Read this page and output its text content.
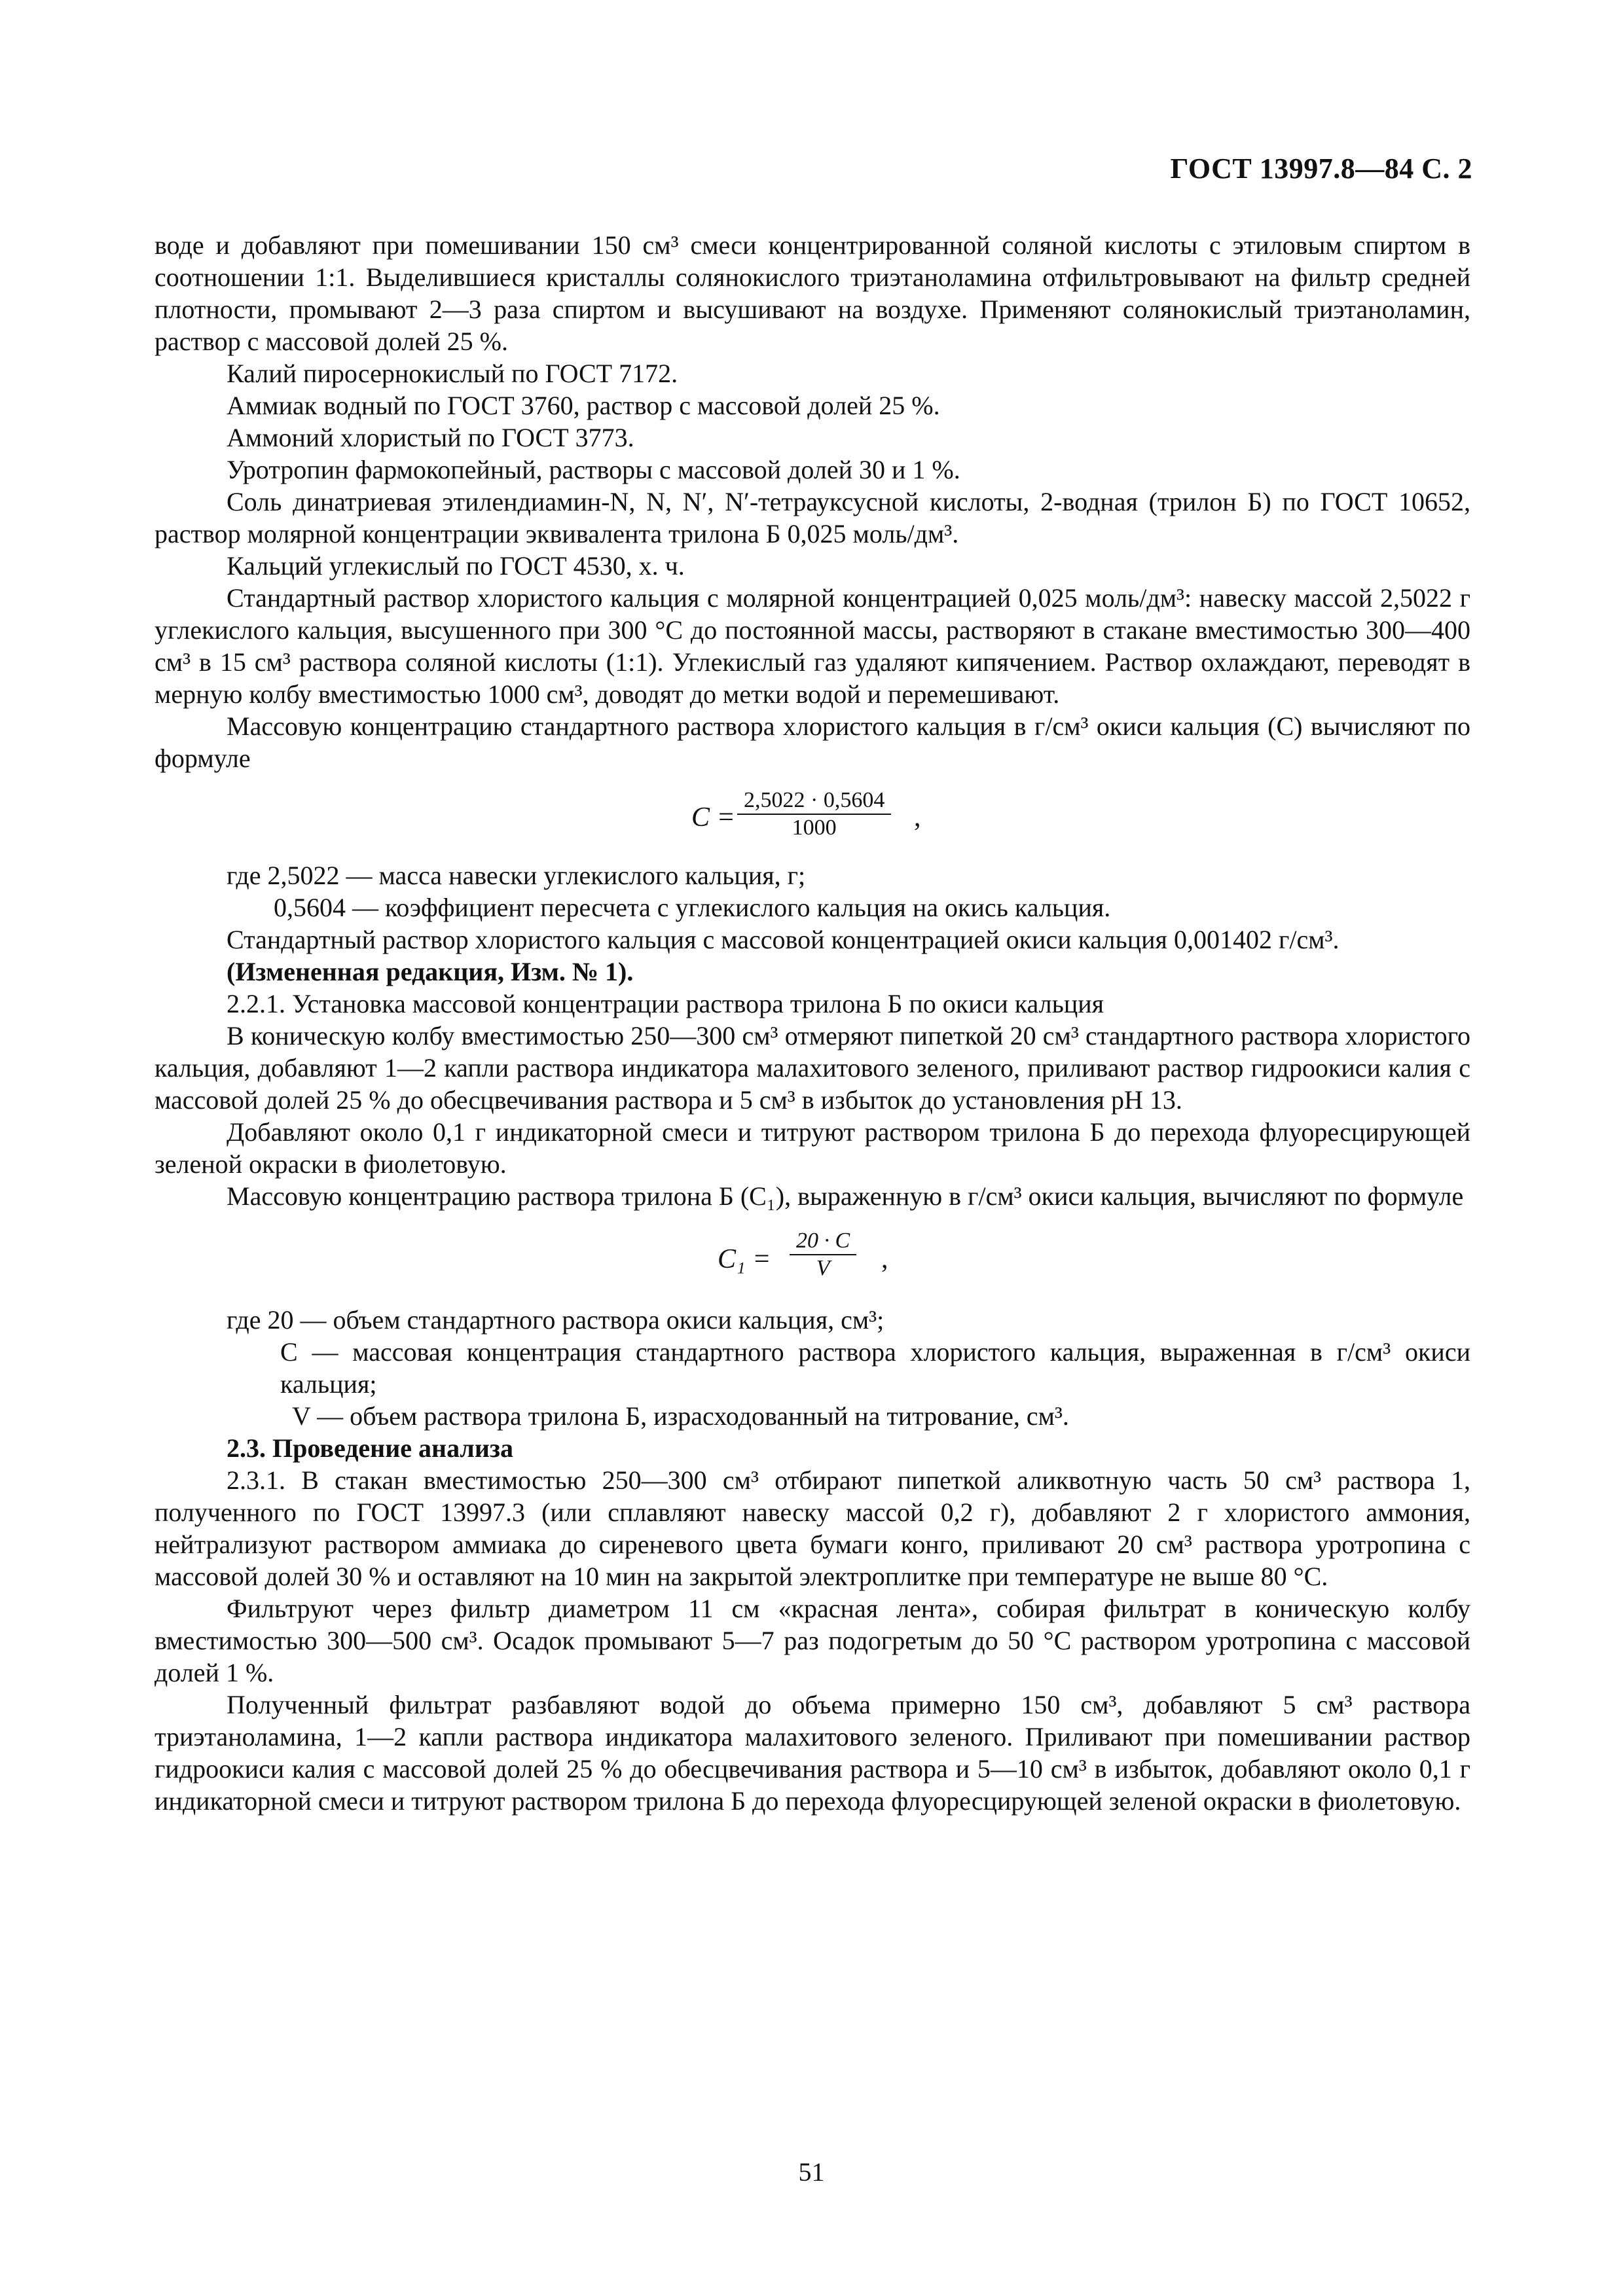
ГОСТ 13997.8—84 С. 2

воде и добавляют при помешивании 150 см³ смеси концентрированной соляной кислоты с этиловым спиртом в соотношении 1:1. Выделившиеся кристаллы солянокислого триэтаноламина отфильтровывают на фильтр средней плотности, промывают 2—3 раза спиртом и высушивают на воздухе. Применяют солянокислый триэтаноламин, раствор с массовой долей 25 %.

Калий пиросернокислый по ГОСТ 7172.

Аммиак водный по ГОСТ 3760, раствор с массовой долей 25 %.

Аммоний хлористый по ГОСТ 3773.

Уротропин фармокопейный, растворы с массовой долей 30 и 1 %.

Соль динатриевая этилендиамин-N, N, N′, N′-тетрауксусной кислоты, 2-водная (трилон Б) по ГОСТ 10652, раствор молярной концентрации эквивалента трилона Б 0,025 моль/дм³.

Кальций углекислый по ГОСТ 4530, х. ч.

Стандартный раствор хлористого кальция с молярной концентрацией 0,025 моль/дм³: навеску массой 2,5022 г углекислого кальция, высушенного при 300 °С до постоянной массы, растворяют в стакане вместимостью 300—400 см³ в 15 см³ раствора соляной кислоты (1:1). Углекислый газ удаляют кипячением. Раствор охлаждают, переводят в мерную колбу вместимостью 1000 см³, доводят до метки водой и перемешивают.

Массовую концентрацию стандартного раствора хлористого кальция в г/см³ окиси кальция (C) вычисляют по формуле

$C = \frac{2,5022 \cdot 0,5604}{1000}$ ,

где 2,5022 — масса навески углекислого кальция, г;

0,5604 — коэффициент пересчета с углекислого кальция на окись кальция.

Стандартный раствор хлористого кальция с массовой концентрацией окиси кальция 0,001402 г/см³.

(Измененная редакция, Изм. № 1).

2.2.1. Установка массовой концентрации раствора трилона Б по окиси кальция

В коническую колбу вместимостью 250—300 см³ отмеряют пипеткой 20 см³ стандартного раствора хлористого кальция, добавляют 1—2 капли раствора индикатора малахитового зеленого, приливают раствор гидроокиси калия с массовой долей 25 % до обесцвечивания раствора и 5 см³ в избыток до установления pH 13.

Добавляют около 0,1 г индикаторной смеси и титруют раствором трилона Б до перехода флуоресцирующей зеленой окраски в фиолетовую.

Массовую концентрацию раствора трилона Б (C₁), выраженную в г/см³ окиси кальция, вычисляют по формуле

$C_1 = \frac{20 \cdot C}{V}$ ,

где 20 — объем стандартного раствора окиси кальция, см³;

C — массовая концентрация стандартного раствора хлористого кальция, выраженная в г/см³ окиси кальция;

V — объем раствора трилона Б, израсходованный на титрование, см³.

2.3. Проведение анализа

2.3.1. В стакан вместимостью 250—300 см³ отбирают пипеткой аликвотную часть 50 см³ раствора 1, полученного по ГОСТ 13997.3 (или сплавляют навеску массой 0,2 г), добавляют 2 г хлористого аммония, нейтрализуют раствором аммиака до сиреневого цвета бумаги конго, приливают 20 см³ раствора уротропина с массовой долей 30 % и оставляют на 10 мин на закрытой электроплитке при температуре не выше 80 °С.

Фильтруют через фильтр диаметром 11 см «красная лента», собирая фильтрат в коническую колбу вместимостью 300—500 см³. Осадок промывают 5—7 раз подогретым до 50 °С раствором уротропина с массовой долей 1 %.

Полученный фильтрат разбавляют водой до объема примерно 150 см³, добавляют 5 см³ раствора триэтаноламина, 1—2 капли раствора индикатора малахитового зеленого. Приливают при помешивании раствор гидроокиси калия с массовой долей 25 % до обесцвечивания раствора и 5—10 см³ в избыток, добавляют около 0,1 г индикаторной смеси и титруют раствором трилона Б до перехода флуоресцирующей зеленой окраски в фиолетовую.

51
